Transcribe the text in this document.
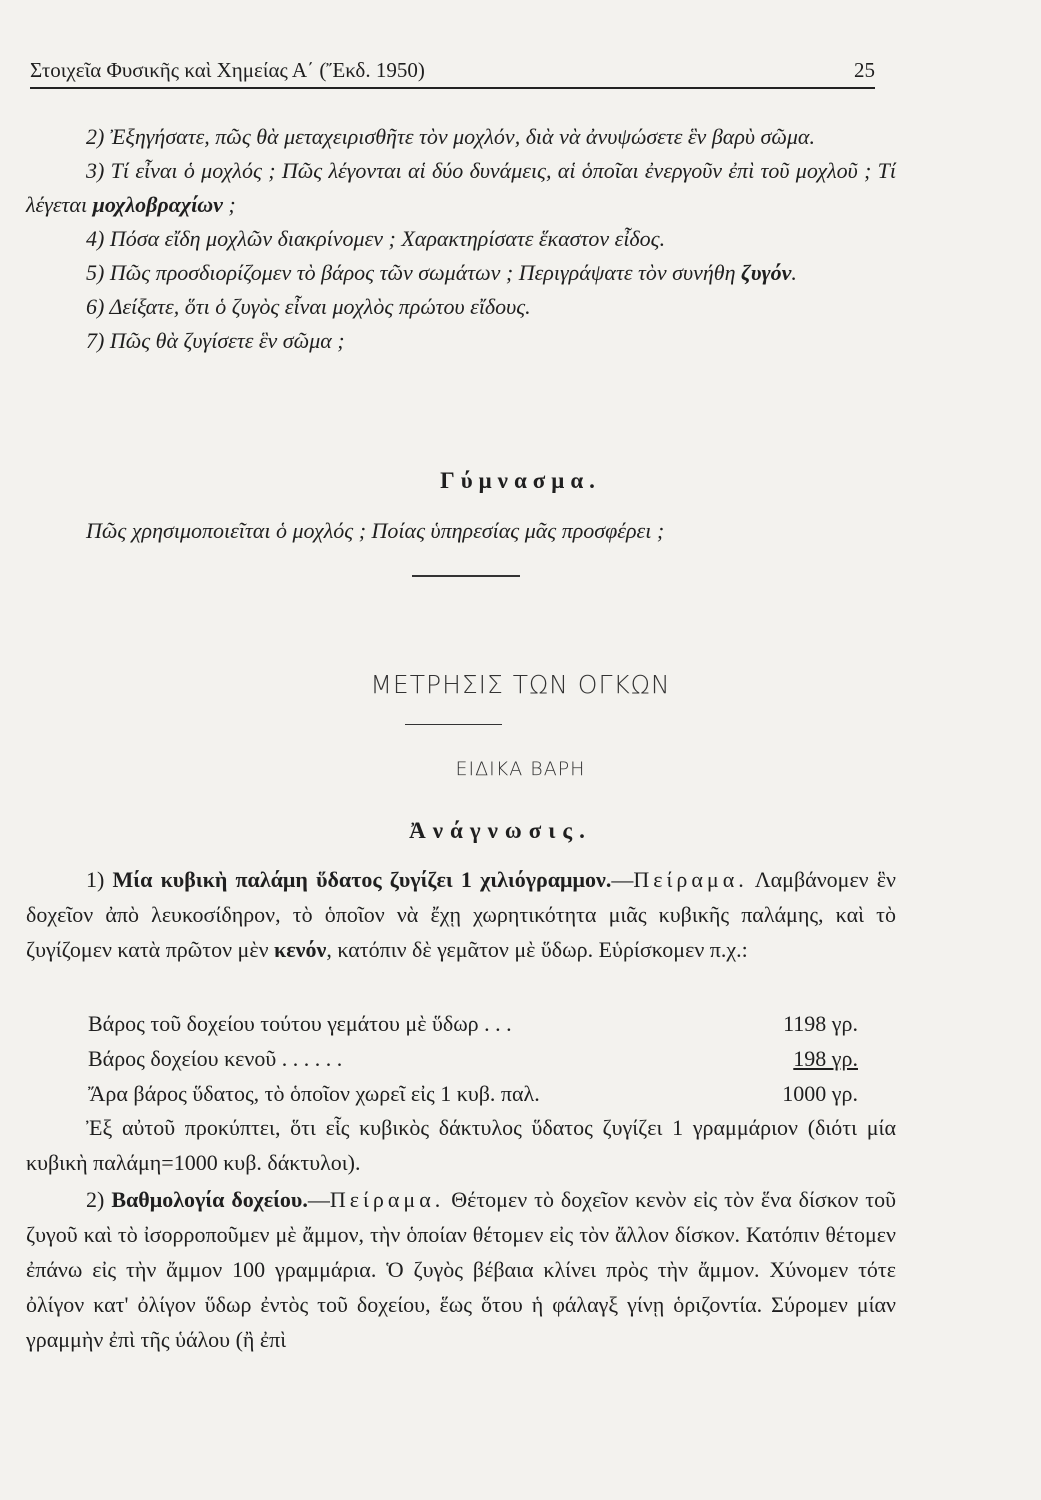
Στοιχεῖα Φυσικῆς καὶ Χημείας Α΄ (Ἔκδ. 1950)	25

2) Ἐξηγήσατε, πῶς θὰ μεταχειρισθῆτε τὸν μοχλόν, διὰ νὰ ἀνυψώσετε ἓν βαρὺ σῶμα.

3) Τί εἶναι ὁ μοχλός ; Πῶς λέγονται αἱ δύο δυνάμεις, αἱ ὁποῖαι ἐνεργοῦν ἐπὶ τοῦ μοχλοῦ ; Τί λέγεται μοχλοβραχίων ;

4) Πόσα εἴδη μοχλῶν διακρίνομεν ; Χαρακτηρίσατε ἕκαστον εἶδος.

5) Πῶς προσδιορίζομεν τὸ βάρος τῶν σωμάτων ; Περιγράψατε τὸν συνήθη ζυγόν.

6) Δείξατε, ὅτι ὁ ζυγὸς εἶναι μοχλὸς πρώτου εἴδους.

7) Πῶς θὰ ζυγίσετε ἓν σῶμα ;

Γύμνασμα.

Πῶς χρησιμοποιεῖται ὁ μοχλός ; Ποίας ὑπηρεσίας μᾶς προσφέρει ;

ΜΕΤΡΗΣΙΣ ΤΩΝ ΟΓΚΩΝ
ΕΙΔΙΚΑ ΒΑΡΗ
Ἀνάγνωσις.

1) Μία κυβικὴ παλάμη ὕδατος ζυγίζει 1 χιλιόγραμμον.—Πείραμα. Λαμβάνομεν ἓν δοχεῖον ἀπὸ λευκοσίδηρον, τὸ ὁποῖον νὰ ἔχῃ χωρητικότητα μιᾶς κυβικῆς παλάμης, καὶ τὸ ζυγίζομεν κατὰ πρῶτον μὲν κενόν, κατόπιν δὲ γεμᾶτον μὲ ὕδωρ. Εὑρίσκομεν π.χ.:

Βάρος τοῦ δοχείου τούτου γεμάτου μὲ ὕδωρ . . .	1198 γρ.
Βάρος δοχείου κενοῦ . . . . . .	198 γρ.
Ἄρα βάρος ὕδατος, τὸ ὁποῖον χωρεῖ εἰς 1 κυβ. παλ.	1000 γρ.

Ἐξ αὐτοῦ προκύπτει, ὅτι εἷς κυβικὸς δάκτυλος ὕδατος ζυγίζει 1 γραμμάριον (διότι μία κυβικὴ παλάμη=1000 κυβ. δάκτυλοι).

2) Βαθμολογία δοχείου.—Πείραμα. Θέτομεν τὸ δοχεῖον κενὸν εἰς τὸν ἕνα δίσκον τοῦ ζυγοῦ καὶ τὸ ἰσορροποῦμεν μὲ ἄμμον, τὴν ὁποίαν θέτομεν εἰς τὸν ἄλλον δίσκον. Κατόπιν θέτομεν ἐπάνω εἰς τὴν ἄμμον 100 γραμμάρια. Ὁ ζυγὸς βέβαια κλίνει πρὸς τὴν ἄμμον. Χύνομεν τότε ὀλίγον κατ' ὀλίγον ὕδωρ ἐντὸς τοῦ δοχείου, ἕως ὅτου ἡ φάλαγξ γίνῃ ὁριζοντία. Σύρομεν μίαν γραμμὴν ἐπὶ τῆς ὑάλου (ἢ ἐπὶ
